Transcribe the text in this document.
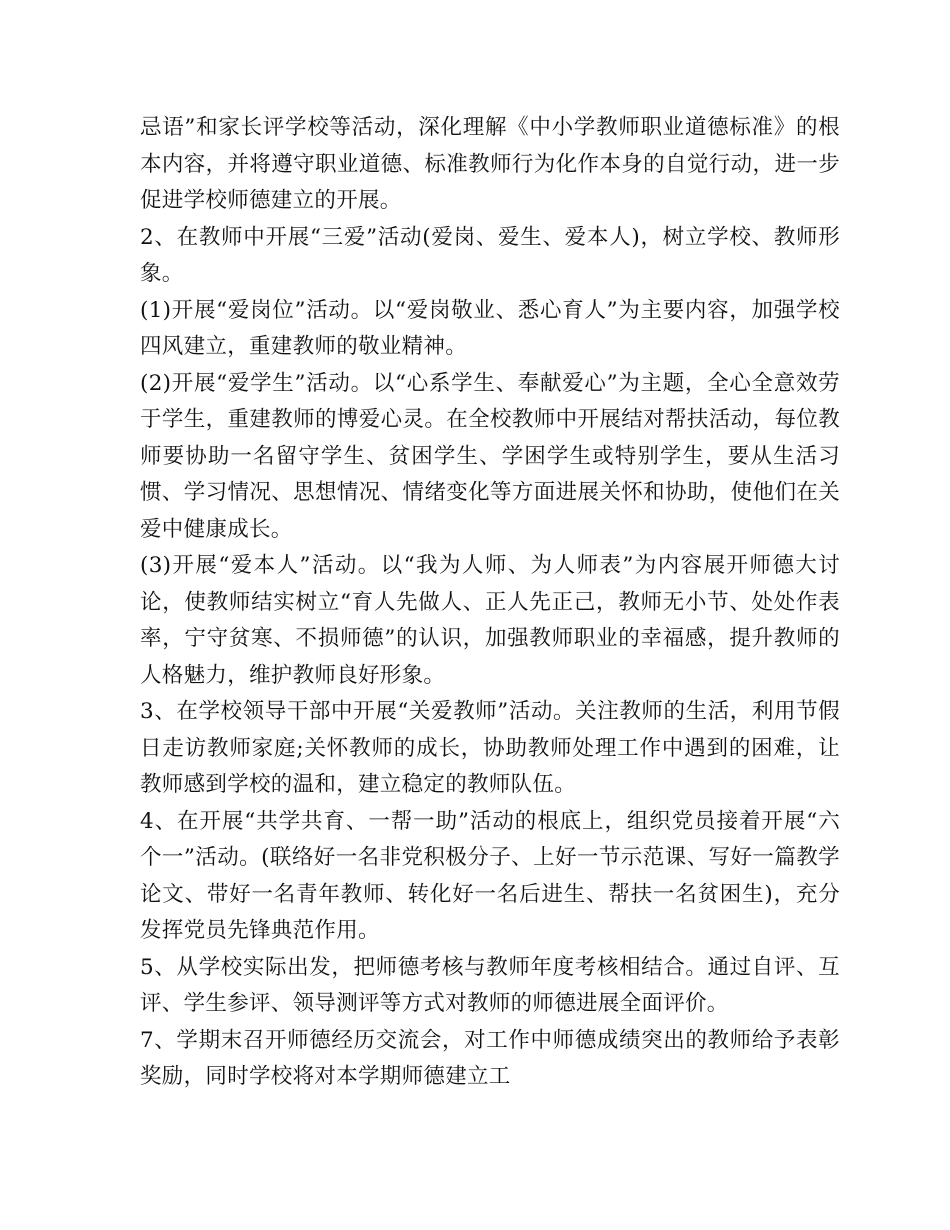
忌语”和家长评学校等活动，深化理解《中小学教师职业道德标准》的根本内容，并将遵守职业道德、标准教师行为化作本身的自觉行动，进一步促进学校师德建立的开展。

2、在教师中开展“三爱”活动(爱岗、爱生、爱本人)，树立学校、教师形象。

(1)开展“爱岗位”活动。以“爱岗敬业、悉心育人”为主要内容，加强学校四风建立，重建教师的敬业精神。

(2)开展“爱学生”活动。以“心系学生、奉献爱心”为主题，全心全意效劳于学生，重建教师的博爱心灵。在全校教师中开展结对帮扶活动，每位教师要协助一名留守学生、贫困学生、学困学生或特别学生，要从生活习惯、学习情况、思想情况、情绪变化等方面进展关怀和协助，使他们在关爱中健康成长。

(3)开展“爱本人”活动。以“我为人师、为人师表”为内容展开师德大讨论，使教师结实树立“育人先做人、正人先正己，教师无小节、处处作表率，宁守贫寒、不损师德”的认识，加强教师职业的幸福感，提升教师的人格魅力，维护教师良好形象。

3、在学校领导干部中开展“关爱教师”活动。关注教师的生活，利用节假日走访教师家庭;关怀教师的成长，协助教师处理工作中遇到的困难，让教师感到学校的温和，建立稳定的教师队伍。

4、在开展“共学共育、一帮一助”活动的根底上，组织党员接着开展“六个一”活动。(联络好一名非党积极分子、上好一节示范课、写好一篇教学论文、带好一名青年教师、转化好一名后进生、帮扶一名贫困生)，充分发挥党员先锋典范作用。

5、从学校实际出发，把师德考核与教师年度考核相结合。通过自评、互评、学生参评、领导测评等方式对教师的师德进展全面评价。

7、学期末召开师德经历交流会，对工作中师德成绩突出的教师给予表彰奖励，同时学校将对本学期师德建立工
